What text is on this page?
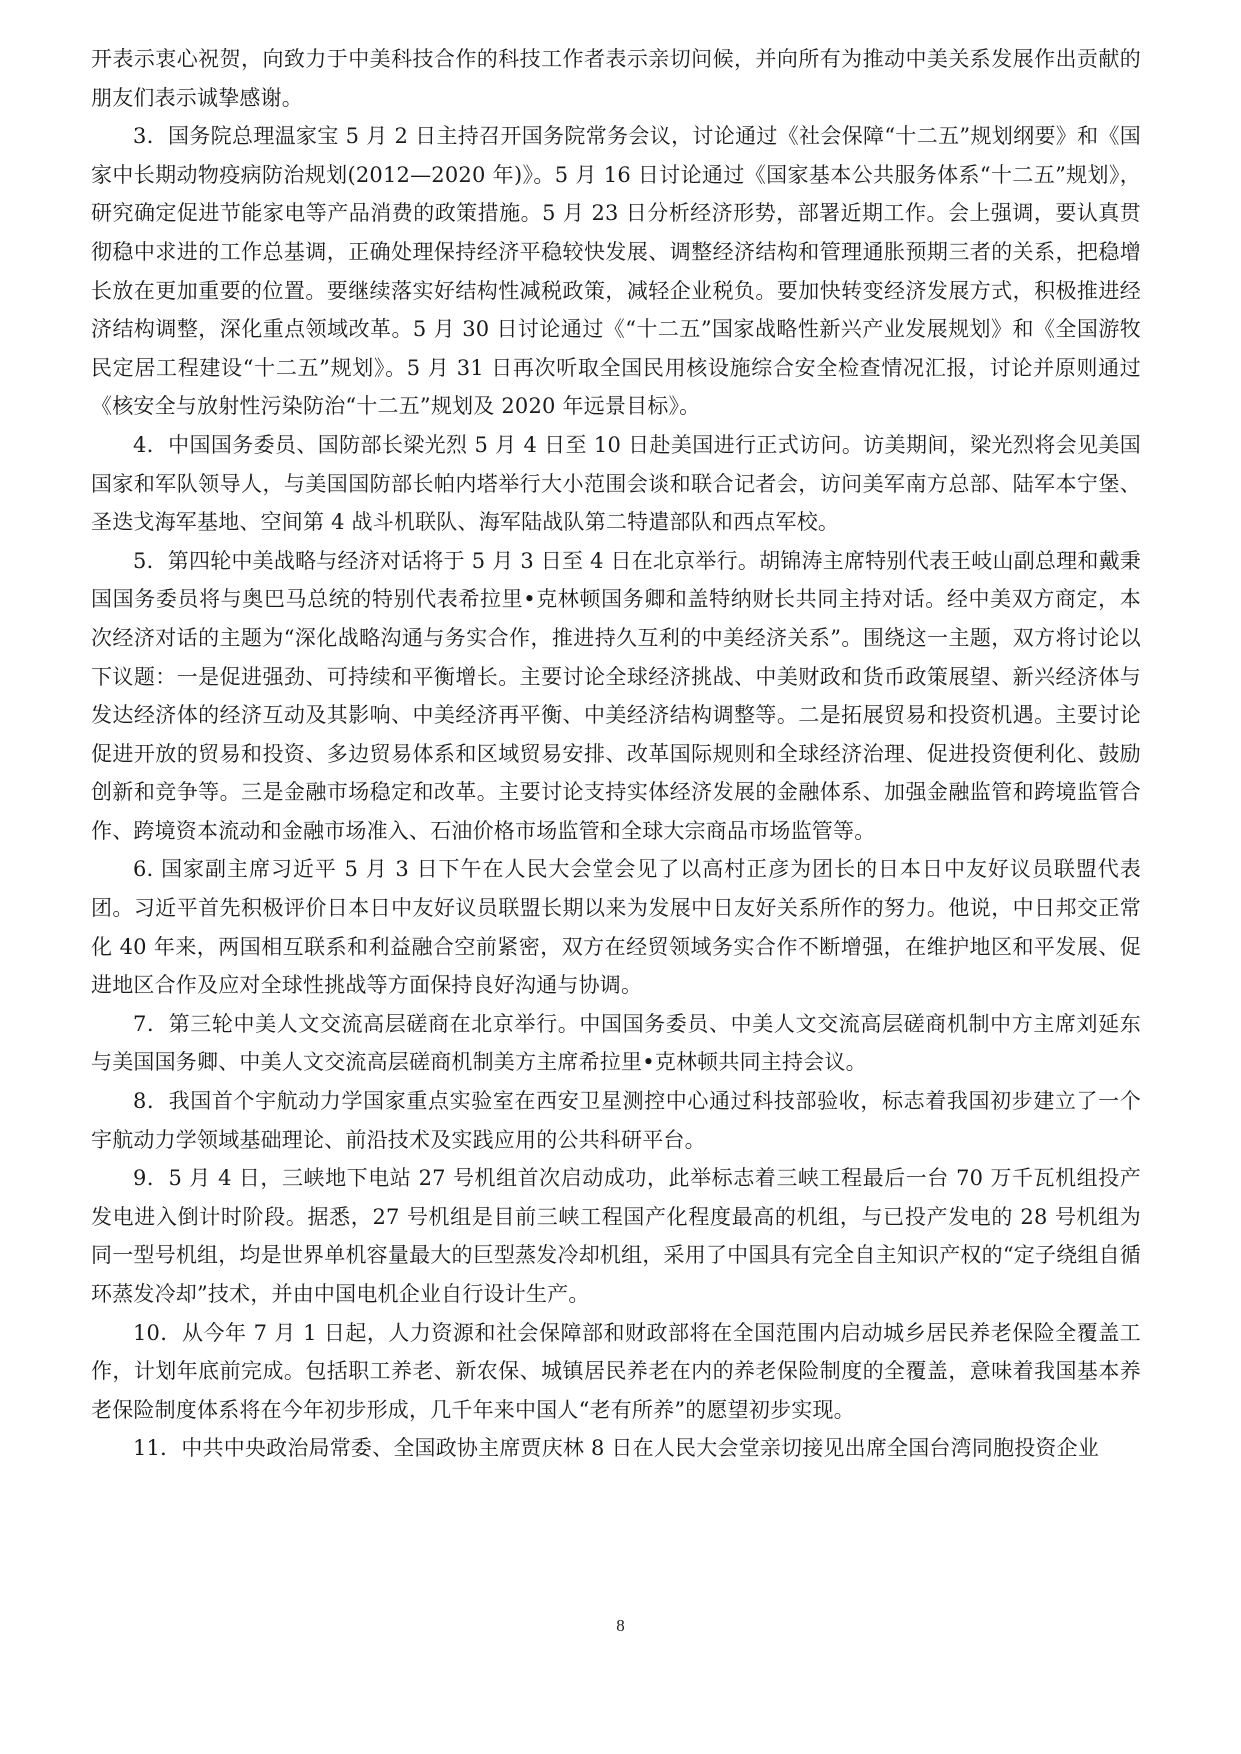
开表示衷心祝贺，向致力于中美科技合作的科技工作者表示亲切问候，并向所有为推动中美关系发展作出贡献的朋友们表示诚挚感谢。

3．国务院总理温家宝 5 月 2 日主持召开国务院常务会议，讨论通过《社会保障“十二五”规划纲要》和《国家中长期动物疫病防治规划(2012—2020 年)》。5 月 16 日讨论通过《国家基本公共服务体系“十二五”规划》，研究确定促进节能家电等产品消费的政策措施。5 月 23 日分析经济形势，部署近期工作。会上强调，要认真贯彻稳中求进的工作总基调，正确处理保持经济平稳较快发展、调整经济结构和管理通胀预期三者的关系，把稳增长放在更加重要的位置。要继续落实好结构性减税政策，减轻企业税负。要加快转变经济发展方式，积极推进经济结构调整，深化重点领域改革。5 月 30 日讨论通过《“十二五”国家战略性新兴产业发展规划》和《全国游牧民定居工程建设“十二五”规划》。5 月 31 日再次听取全国民用核设施综合安全检查情况汇报，讨论并原则通过《核安全与放射性污染防治“十二五”规划及 2020 年远景目标》。

4．中国国务委员、国防部长梁光烈 5 月 4 日至 10 日赴美国进行正式访问。访美期间，梁光烈将会见美国国家和军队领导人，与美国国防部长帕内塔举行大小范围会谈和联合记者会，访问美军南方总部、陆军本宁堡、圣迭戈海军基地、空间第 4 战斗机联队、海军陆战队第二特遣部队和西点军校。

5．第四轮中美战略与经济对话将于 5 月 3 日至 4 日在北京举行。胡锦涛主席特别代表王岐山副总理和戴秉国国务委员将与奥巴马总统的特别代表希拉里•克林顿国务卿和盖特纳财长共同主持对话。经中美双方商定，本次经济对话的主题为“深化战略沟通与务实合作，推进持久互利的中美经济关系”。围绕这一主题，双方将讨论以下议题：一是促进强劲、可持续和平衡增长。主要讨论全球经济挑战、中美财政和货币政策展望、新兴经济体与发达经济体的经济互动及其影响、中美经济再平衡、中美经济结构调整等。二是拓展贸易和投资机遇。主要讨论促进开放的贸易和投资、多边贸易体系和区域贸易安排、改革国际规则和全球经济治理、促进投资便利化、鼓励创新和竞争等。三是金融市场稳定和改革。主要讨论支持实体经济发展的金融体系、加强金融监管和跨境监管合作、跨境资本流动和金融市场准入、石油价格市场监管和全球大宗商品市场监管等。

6. 国家副主席习近平 5 月 3 日下午在人民大会堂会见了以高村正彦为团长的日本日中友好议员联盟代表团。习近平首先积极评价日本日中友好议员联盟长期以来为发展中日友好关系所作的努力。他说，中日邦交正常化 40 年来，两国相互联系和利益融合空前紧密，双方在经贸领域务实合作不断增强，在维护地区和平发展、促进地区合作及应对全球性挑战等方面保持良好沟通与协调。

7．第三轮中美人文交流高层磋商在北京举行。中国国务委员、中美人文交流高层磋商机制中方主席刘延东与美国国务卿、中美人文交流高层磋商机制美方主席希拉里•克林顿共同主持会议。

8．我国首个宇航动力学国家重点实验室在西安卫星测控中心通过科技部验收，标志着我国初步建立了一个宇航动力学领域基础理论、前沿技术及实践应用的公共科研平台。

9．5 月 4 日，三峡地下电站 27 号机组首次启动成功，此举标志着三峡工程最后一台 70 万千瓦机组投产发电进入倒计时阶段。据悉，27 号机组是目前三峡工程国产化程度最高的机组，与已投产发电的 28 号机组为同一型号机组，均是世界单机容量最大的巨型蒸发冷却机组，采用了中国具有完全自主知识产权的“定子绕组自循环蒸发冷却”技术，并由中国电机企业自行设计生产。

10．从今年 7 月 1 日起，人力资源和社会保障部和财政部将在全国范围内启动城乡居民养老保险全覆盖工作，计划年底前完成。包括职工养老、新农保、城镇居民养老在内的养老保险制度的全覆盖，意味着我国基本养老保险制度体系将在今年初步形成，几千年来中国人“老有所养”的愿望初步实现。

11．中共中央政治局常委、全国政协主席贾庆林 8 日在人民大会堂亲切接见出席全国台湾同胞投资企业

8
